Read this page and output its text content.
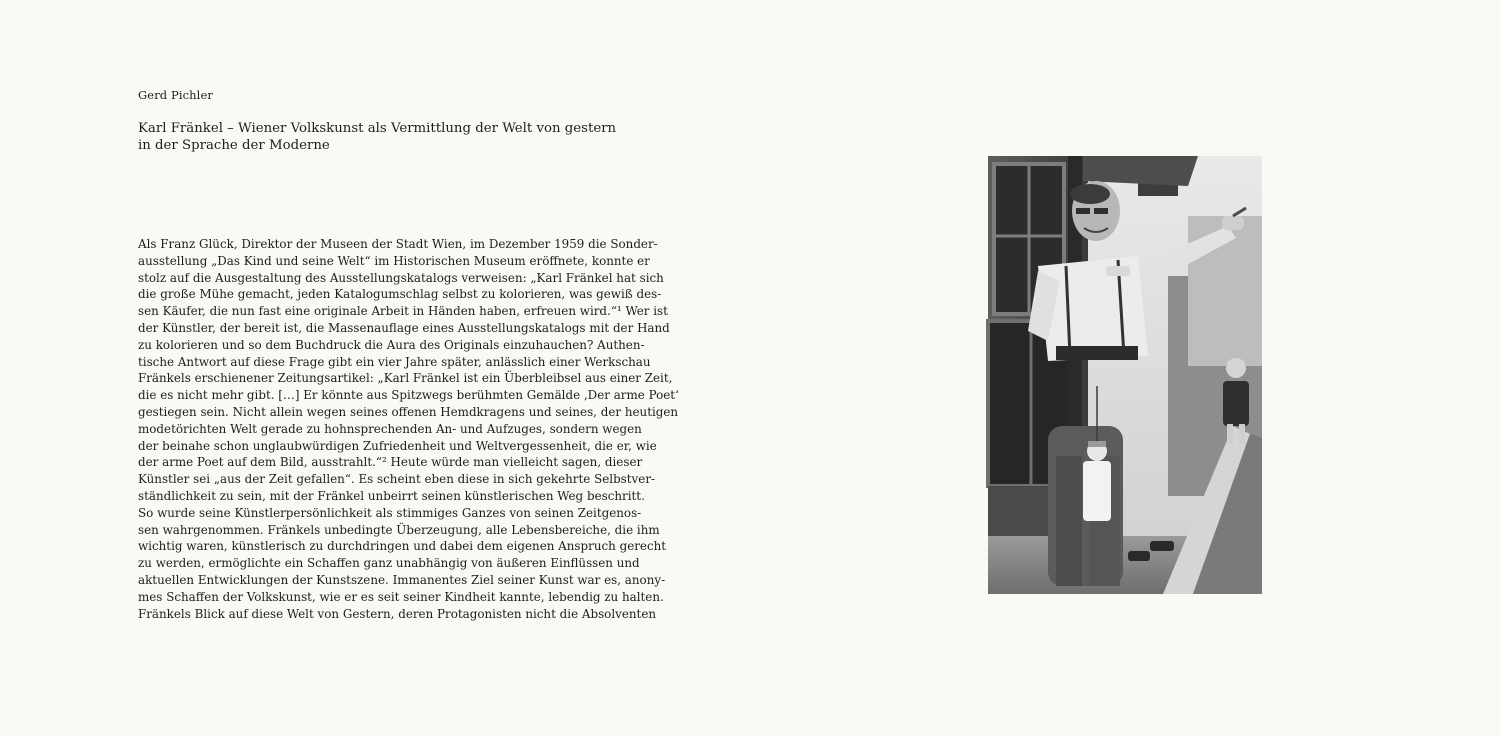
Gerd Pichler
Karl Fränkel – Wiener Volkskunst als Vermittlung der Welt von gestern
in der Sprache der Moderne
Als Franz Glück, Direktor der Museen der Stadt Wien, im Dezember 1959 die Sonder-
ausstellung „Das Kind und seine Welt“ im Historischen Museum eröffnete, konnte er
stolz auf die Ausgestaltung des Ausstellungskatalogs verweisen: „Karl Fränkel hat sich
die große Mühe gemacht, jeden Katalogumschlag selbst zu kolorieren, was gewiß des-
sen Käufer, die nun fast eine originale Arbeit in Händen haben, erfreuen wird.“¹ Wer ist
der Künstler, der bereit ist, die Massenauflage eines Ausstellungskatalogs mit der Hand
zu kolorieren und so dem Buchdruck die Aura des Originals einzuhauchen? Authen-
tische Antwort auf diese Frage gibt ein vier Jahre später, anlässlich einer Werkschau
Fränkels erschienener Zeitungsartikel: „Karl Fränkel ist ein Überbleibsel aus einer Zeit,
die es nicht mehr gibt. […] Er könnte aus Spitzwegs berühmten Gemälde ‚Der arme Poet‘
gestiegen sein. Nicht allein wegen seines offenen Hemdkragens und seines, der heutigen
modetörichten Welt gerade zu hohnsprechenden An- und Aufzuges, sondern wegen
der beinahe schon unglaubwürdigen Zufriedenheit und Weltvergessenheit, die er, wie
der arme Poet auf dem Bild, ausstrahlt.“² Heute würde man vielleicht sagen, dieser
Künstler sei „aus der Zeit gefallen“. Es scheint eben diese in sich gekehrte Selbstver-
ständlichkeit zu sein, mit der Fränkel unbeirrt seinen künstlerischen Weg beschritt.
So wurde seine Künstlerpersönlichkeit als stimmiges Ganzes von seinen Zeitgenos-
sen wahrgenommen. Fränkels unbedingte Überzeugung, alle Lebensbereiche, die ihm
wichtig waren, künstlerisch zu durchdringen und dabei dem eigenen Anspruch gerecht
zu werden, ermöglichte ein Schaffen ganz unabhängig von äußeren Einflüssen und
aktuellen Entwicklungen der Kunstszene. Immanentes Ziel seiner Kunst war es, anony-
mes Schaffen der Volkskunst, wie er es seit seiner Kindheit kannte, lebendig zu halten.
Fränkels Blick auf diese Welt von Gestern, deren Protagonisten nicht die Absolventen
